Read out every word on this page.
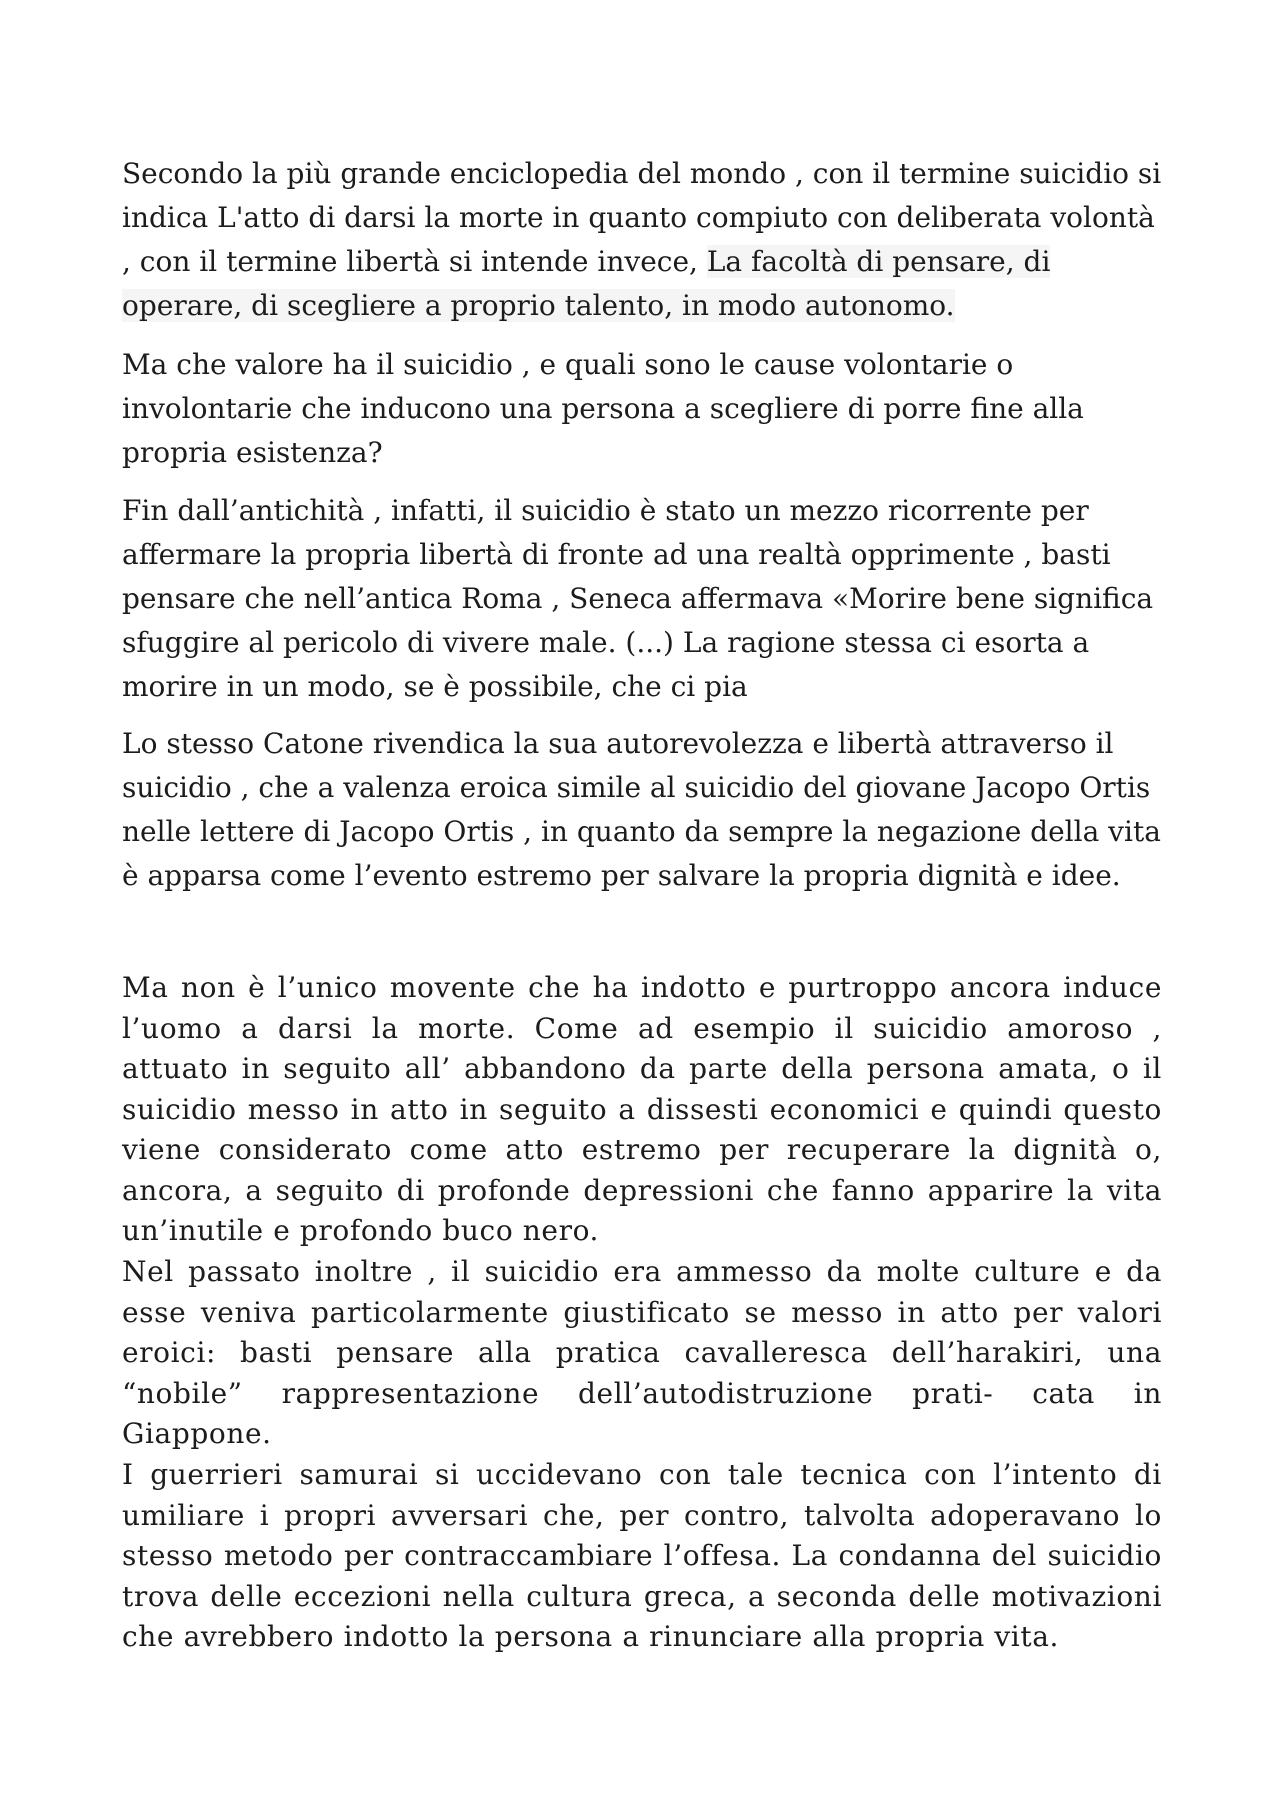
Secondo la più grande enciclopedia del mondo , con il termine suicidio si indica L'atto di darsi la morte in quanto compiuto con deliberata volontà , con il termine libertà si intende invece, La facoltà di pensare, di operare, di scegliere a proprio talento, in modo autonomo.

Ma che valore ha il suicidio , e quali sono le cause volontarie o involontarie che inducono una persona a scegliere di porre fine alla propria esistenza?

Fin dall’antichità , infatti, il suicidio è stato un mezzo ricorrente per affermare la propria libertà di fronte ad una realtà opprimente , basti pensare che nell’antica Roma , Seneca affermava «Morire bene significa sfuggire al pericolo di vivere male. (...) La ragione stessa ci esorta a morire in un modo, se è possibile, che ci pia

Lo stesso Catone rivendica la sua autorevolezza e libertà attraverso il suicidio , che a valenza eroica simile al suicidio del giovane Jacopo Ortis nelle lettere di Jacopo Ortis , in quanto da sempre la negazione della vita è apparsa come l’evento estremo per salvare la propria dignità e idee.

Ma non è l’unico movente che ha indotto e purtroppo ancora induce l’uomo a darsi la morte. Come ad esempio il suicidio amoroso , attuato in seguito all’ abbandono da parte della persona amata, o il suicidio messo in atto in seguito a dissesti economici e quindi questo viene considerato come atto estremo per recuperare la dignità o, ancora, a seguito di profonde depressioni che fanno apparire la vita un’inutile e profondo buco nero.

Nel passato inoltre , il suicidio era ammesso da molte culture e da esse veniva particolarmente giustificato se messo in atto per valori eroici: basti pensare alla pratica cavalleresca dell’harakiri, una “nobile” rappresentazione dell’autodistruzione prati- cata in Giappone.

I guerrieri samurai si uccidevano con tale tecnica con l’intento di umiliare i propri avversari che, per contro, talvolta adoperavano lo stesso metodo per contraccambiare l’offesa. La condanna del suicidio trova delle eccezioni nella cultura greca, a seconda delle motivazioni che avrebbero indotto la persona a rinunciare alla propria vita.
